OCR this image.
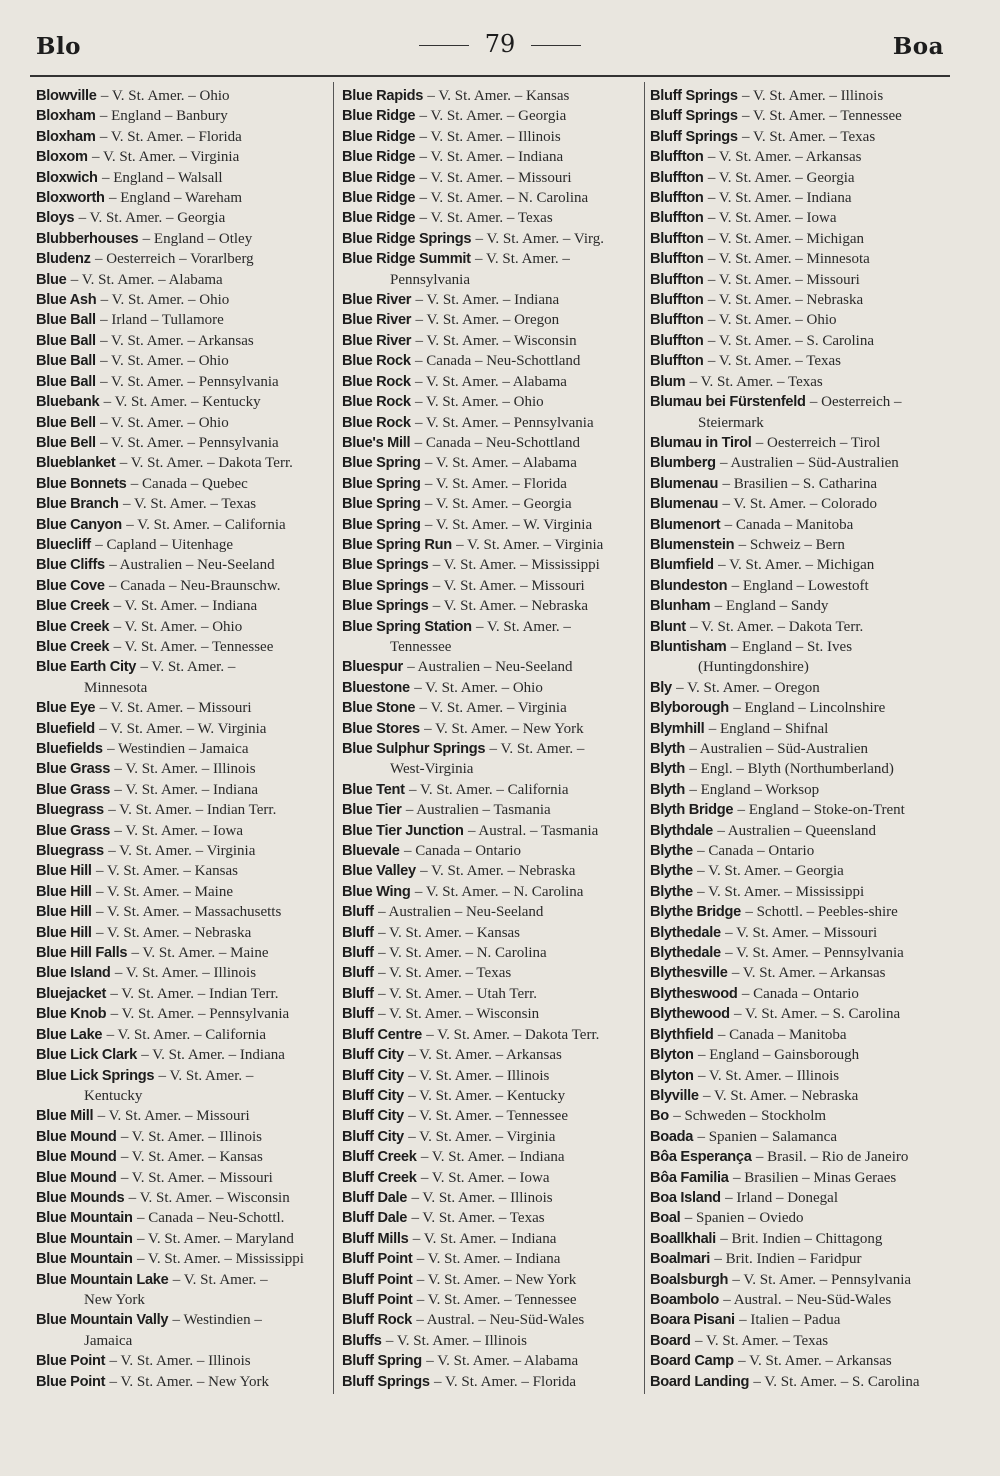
Blo	79	Boa
Blowville – V. St. Amer. – Ohio
Bloxham – England – Banbury
Bloxham – V. St. Amer. – Florida
Bloxom – V. St. Amer. – Virginia
Bloxwich – England – Walsall
Bloxworth – England – Wareham
Bloys – V. St. Amer. – Georgia
Blubberhouses – England – Otley
Bludenz – Oesterreich – Vorarlberg
Blue – V. St. Amer. – Alabama
Blue Ash – V. St. Amer. – Ohio
Blue Ball – Irland – Tullamore
Blue Ball – V. St. Amer. – Arkansas
Blue Ball – V. St. Amer. – Ohio
Blue Ball – V. St. Amer. – Pennsylvania
Bluebank – V. St. Amer. – Kentucky
Blue Bell – V. St. Amer. – Ohio
Blue Bell – V. St. Amer. – Pennsylvania
Blueblanket – V. St. Amer. – Dakota Terr.
Blue Bonnets – Canada – Quebec
Blue Branch – V. St. Amer. – Texas
Blue Canyon – V. St. Amer. – California
Bluecliff – Capland – Uitenhage
Blue Cliffs – Australien – Neu-Seeland
Blue Cove – Canada – Neu-Braunschw.
Blue Creek – V. St. Amer. – Indiana
Blue Creek – V. St. Amer. – Ohio
Blue Creek – V. St. Amer. – Tennessee
Blue Earth City – V. St. Amer. –
Minnesota
Blue Eye – V. St. Amer. – Missouri
Bluefield – V. St. Amer. – W. Virginia
Bluefields – Westindien – Jamaica
Blue Grass – V. St. Amer. – Illinois
Blue Grass – V. St. Amer. – Indiana
Bluegrass – V. St. Amer. – Indian Terr.
Blue Grass – V. St. Amer. – Iowa
Bluegrass – V. St. Amer. – Virginia
Blue Hill – V. St. Amer. – Kansas
Blue Hill – V. St. Amer. – Maine
Blue Hill – V. St. Amer. – Massachusetts
Blue Hill – V. St. Amer. – Nebraska
Blue Hill Falls – V. St. Amer. – Maine
Blue Island – V. St. Amer. – Illinois
Bluejacket – V. St. Amer. – Indian Terr.
Blue Knob – V. St. Amer. – Pennsylvania
Blue Lake – V. St. Amer. – California
Blue Lick Clark – V. St. Amer. – Indiana
Blue Lick Springs – V. St. Amer. –
Kentucky
Blue Mill – V. St. Amer. – Missouri
Blue Mound – V. St. Amer. – Illinois
Blue Mound – V. St. Amer. – Kansas
Blue Mound – V. St. Amer. – Missouri
Blue Mounds – V. St. Amer. – Wisconsin
Blue Mountain – Canada – Neu-Schottl.
Blue Mountain – V. St. Amer. – Maryland
Blue Mountain – V. St. Amer. – Mississippi
Blue Mountain Lake – V. St. Amer. –
New York
Blue Mountain Vally – Westindien –
Jamaica
Blue Point – V. St. Amer. – Illinois
Blue Point – V. St. Amer. – New York
Blue Rapids – V. St. Amer. – Kansas
Blue Ridge – V. St. Amer. – Georgia
Blue Ridge – V. St. Amer. – Illinois
Blue Ridge – V. St. Amer. – Indiana
Blue Ridge – V. St. Amer. – Missouri
Blue Ridge – V. St. Amer. – N. Carolina
Blue Ridge – V. St. Amer. – Texas
Blue Ridge Springs – V. St. Amer. – Virg.
Blue Ridge Summit – V. St. Amer. –
Pennsylvania
Blue River – V. St. Amer. – Indiana
Blue River – V. St. Amer. – Oregon
Blue River – V. St. Amer. – Wisconsin
Blue Rock – Canada – Neu-Schottland
Blue Rock – V. St. Amer. – Alabama
Blue Rock – V. St. Amer. – Ohio
Blue Rock – V. St. Amer. – Pennsylvania
Blue's Mill – Canada – Neu-Schottland
Blue Spring – V. St. Amer. – Alabama
Blue Spring – V. St. Amer. – Florida
Blue Spring – V. St. Amer. – Georgia
Blue Spring – V. St. Amer. – W. Virginia
Blue Spring Run – V. St. Amer. – Virginia
Blue Springs – V. St. Amer. – Mississippi
Blue Springs – V. St. Amer. – Missouri
Blue Springs – V. St. Amer. – Nebraska
Blue Spring Station – V. St. Amer. –
Tennessee
Bluespur – Australien – Neu-Seeland
Bluestone – V. St. Amer. – Ohio
Blue Stone – V. St. Amer. – Virginia
Blue Stores – V. St. Amer. – New York
Blue Sulphur Springs – V. St. Amer. –
West-Virginia
Blue Tent – V. St. Amer. – California
Blue Tier – Australien – Tasmania
Blue Tier Junction – Austral. – Tasmania
Bluevale – Canada – Ontario
Blue Valley – V. St. Amer. – Nebraska
Blue Wing – V. St. Amer. – N. Carolina
Bluff – Australien – Neu-Seeland
Bluff – V. St. Amer. – Kansas
Bluff – V. St. Amer. – N. Carolina
Bluff – V. St. Amer. – Texas
Bluff – V. St. Amer. – Utah Terr.
Bluff – V. St. Amer. – Wisconsin
Bluff Centre – V. St. Amer. – Dakota Terr.
Bluff City – V. St. Amer. – Arkansas
Bluff City – V. St. Amer. – Illinois
Bluff City – V. St. Amer. – Kentucky
Bluff City – V. St. Amer. – Tennessee
Bluff City – V. St. Amer. – Virginia
Bluff Creek – V. St. Amer. – Indiana
Bluff Creek – V. St. Amer. – Iowa
Bluff Dale – V. St. Amer. – Illinois
Bluff Dale – V. St. Amer. – Texas
Bluff Mills – V. St. Amer. – Indiana
Bluff Point – V. St. Amer. – Indiana
Bluff Point – V. St. Amer. – New York
Bluff Point – V. St. Amer. – Tennessee
Bluff Rock – Austral. – Neu-Süd-Wales
Bluffs – V. St. Amer. – Illinois
Bluff Spring – V. St. Amer. – Alabama
Bluff Springs – V. St. Amer. – Florida
Bluff Springs – V. St. Amer. – Illinois
Bluff Springs – V. St. Amer. – Tennessee
Bluff Springs – V. St. Amer. – Texas
Bluffton – V. St. Amer. – Arkansas
Bluffton – V. St. Amer. – Georgia
Bluffton – V. St. Amer. – Indiana
Bluffton – V. St. Amer. – Iowa
Bluffton – V. St. Amer. – Michigan
Bluffton – V. St. Amer. – Minnesota
Bluffton – V. St. Amer. – Missouri
Bluffton – V. St. Amer. – Nebraska
Bluffton – V. St. Amer. – Ohio
Bluffton – V. St. Amer. – S. Carolina
Bluffton – V. St. Amer. – Texas
Blum – V. St. Amer. – Texas
Blumau bei Fürstenfeld – Oesterreich –
Steiermark
Blumau in Tirol – Oesterreich – Tirol
Blumberg – Australien – Süd-Australien
Blumenau – Brasilien – S. Catharina
Blumenau – V. St. Amer. – Colorado
Blumenort – Canada – Manitoba
Blumenstein – Schweiz – Bern
Blumfield – V. St. Amer. – Michigan
Blundeston – England – Lowestoft
Blunham – England – Sandy
Blunt – V. St. Amer. – Dakota Terr.
Bluntisham – England – St. Ives
(Huntingdonshire)
Bly – V. St. Amer. – Oregon
Blyborough – England – Lincolnshire
Blymhill – England – Shifnal
Blyth – Australien – Süd-Australien
Blyth – Engl. – Blyth (Northumberland)
Blyth – England – Worksop
Blyth Bridge – England – Stoke-on-Trent
Blythdale – Australien – Queensland
Blythe – Canada – Ontario
Blythe – V. St. Amer. – Georgia
Blythe – V. St. Amer. – Mississippi
Blythe Bridge – Schottl. – Peebles-shire
Blythedale – V. St. Amer. – Missouri
Blythedale – V. St. Amer. – Pennsylvania
Blythesville – V. St. Amer. – Arkansas
Blytheswood – Canada – Ontario
Blythewood – V. St. Amer. – S. Carolina
Blythfield – Canada – Manitoba
Blyton – England – Gainsborough
Blyton – V. St. Amer. – Illinois
Blyville – V. St. Amer. – Nebraska
Bo – Schweden – Stockholm
Boada – Spanien – Salamanca
Bôa Esperança – Brasil. – Rio de Janeiro
Bôa Familia – Brasilien – Minas Geraes
Boa Island – Irland – Donegal
Boal – Spanien – Oviedo
Boallkhali – Brit. Indien – Chittagong
Boalmari – Brit. Indien – Faridpur
Boalsburgh – V. St. Amer. – Pennsylvania
Boambolo – Austral. – Neu-Süd-Wales
Boara Pisani – Italien – Padua
Board – V. St. Amer. – Texas
Board Camp – V. St. Amer. – Arkansas
Board Landing – V. St. Amer. – S. Carolina
